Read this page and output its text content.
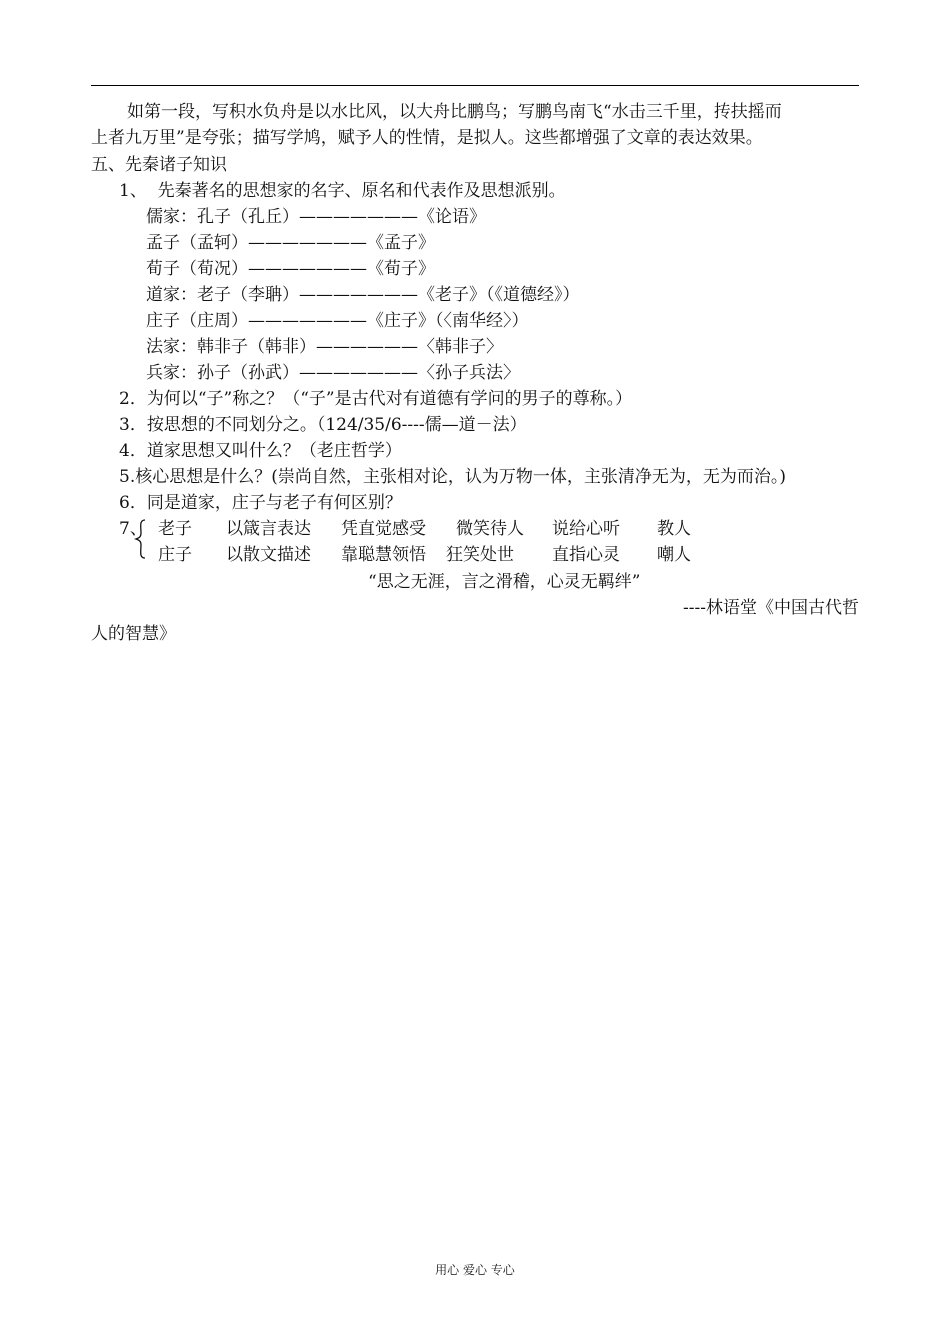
如第一段，写积水负舟是以水比风，以大舟比鹏鸟；写鹏鸟南飞“水击三千里，抟扶摇而
上者九万里”是夸张；描写学鸠，赋予人的性情，是拟人。这些都增强了文章的表达效果。
五、先秦诸子知识
1、  先秦著名的思想家的名字、原名和代表作及思想派别。
儒家：孔子（孔丘）———————《论语》
孟子（孟轲）———————《孟子》
荀子（荀况）———————《荀子》
道家：老子（李聃）———————《老子》（《道德经》）
庄子（庄周）———————《庄子》（〈南华经〉）
法家：韩非子（韩非）——————〈韩非子〉
兵家：孙子（孙武）———————〈孙子兵法〉
2．为何以“子”称之？（“子”是古代对有道德有学问的男子的尊称。）
3．按思想的不同划分之。（124/35/6----儒—道－法）
4．道家思想又叫什么？（老庄哲学）
5.核心思想是什么？(崇尚自然，主张相对论，认为万物一体，主张清净无为，无为而治。)
6．同是道家，庄子与老子有何区别？
7、

老子

以箴言表达

凭直觉感受

微笑待人

说给心听

教人

庄子

以散文描述

靠聪慧领悟

狂笑处世

直指心灵

嘲人

“思之无涯，言之滑稽，心灵无羁绊”
----林语堂《中国古代哲
人的智慧》
用心 爱心 专心
